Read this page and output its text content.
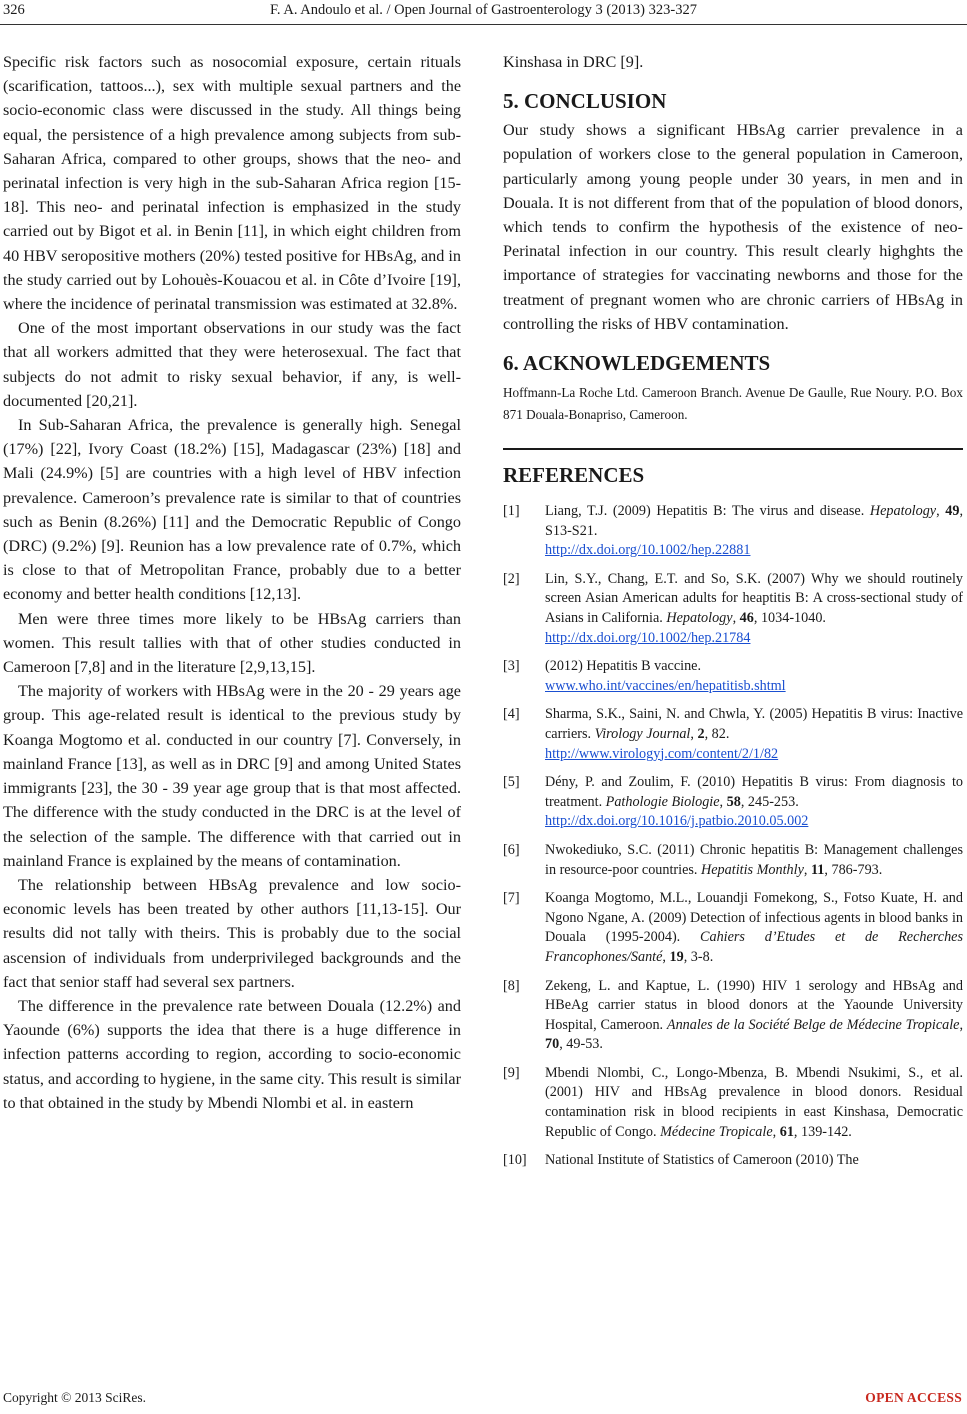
326	F. A. Andoulo et al. / Open Journal of Gastroenterology 3 (2013) 323-327

Specific risk factors such as nosocomial exposure, certain rituals (scarification, tattoos...), sex with multiple sexual partners and the socio-economic class were discussed in the study. All things being equal, the persistence of a high prevalence among subjects from sub-Saharan Africa, compared to other groups, shows that the neo- and perinatal infection is very high in the sub-Saharan Africa region [15-18]. This neo- and perinatal infection is emphasized in the study carried out by Bigot et al. in Benin [11], in which eight children from 40 HBV seropositive mothers (20%) tested positive for HBsAg, and in the study carried out by Lohouès-Kouacou et al. in Côte d’Ivoire [19], where the incidence of perinatal transmission was estimated at 32.8%.

One of the most important observations in our study was the fact that all workers admitted that they were heterosexual. The fact that subjects do not admit to risky sexual behavior, if any, is well-documented [20,21].

In Sub-Saharan Africa, the prevalence is generally high. Senegal (17%) [22], Ivory Coast (18.2%) [15], Madagascar (23%) [18] and Mali (24.9%) [5] are countries with a high level of HBV infection prevalence. Cameroon’s prevalence rate is similar to that of countries such as Benin (8.26%) [11] and the Democratic Republic of Congo (DRC) (9.2%) [9]. Reunion has a low prevalence rate of 0.7%, which is close to that of Metropolitan France, probably due to a better economy and better health conditions [12,13].

Men were three times more likely to be HBsAg carriers than women. This result tallies with that of other studies conducted in Cameroon [7,8] and in the literature [2,9,13,15].

The majority of workers with HBsAg were in the 20 - 29 years age group. This age-related result is identical to the previous study by Koanga Mogtomo et al. conducted in our country [7]. Conversely, in mainland France [13], as well as in DRC [9] and among United States immigrants [23], the 30 - 39 year age group that is that most affected. The difference with the study conducted in the DRC is at the level of the selection of the sample. The difference with that carried out in mainland France is explained by the means of contamination.

The relationship between HBsAg prevalence and low socio-economic levels has been treated by other authors [11,13-15]. Our results did not tally with theirs. This is probably due to the social ascension of individuals from underprivileged backgrounds and the fact that senior staff had several sex partners.

The difference in the prevalence rate between Douala (12.2%) and Yaounde (6%) supports the idea that there is a huge difference in infection patterns according to region, according to socio-economic status, and according to hygiene, in the same city. This result is similar to that obtained in the study by Mbendi Nlombi et al. in eastern

Kinshasa in DRC [9].

5. CONCLUSION

Our study shows a significant HBsAg carrier prevalence in a population of workers close to the general population in Cameroon, particularly among young people under 30 years, in men and in Douala. It is not different from that of the population of blood donors, which tends to confirm the hypothesis of the existence of neo-Perinatal infection in our country. This result clearly highghts the importance of strategies for vaccinating newborns and those for the treatment of pregnant women who are chronic carriers of HBsAg in controlling the risks of HBV contamination.

6. ACKNOWLEDGEMENTS

Hoffmann-La Roche Ltd. Cameroon Branch. Avenue De Gaulle, Rue Noury. P.O. Box 871 Douala-Bonapriso, Cameroon.

REFERENCES
[1] Liang, T.J. (2009) Hepatitis B: The virus and disease. Hepatology, 49, S13-S21.
http://dx.doi.org/10.1002/hep.22881
[2] Lin, S.Y., Chang, E.T. and So, S.K. (2007) Why we should routinely screen Asian American adults for heaptitis B: A cross-sectional study of Asians in California. Hepatology, 46, 1034-1040.
http://dx.doi.org/10.1002/hep.21784
[3] (2012) Hepatitis B vaccine.
www.who.int/vaccines/en/hepatitisb.shtml
[4] Sharma, S.K., Saini, N. and Chwla, Y. (2005) Hepatitis B virus: Inactive carriers. Virology Journal, 2, 82.
http://www.virologyj.com/content/2/1/82
[5] Dény, P. and Zoulim, F. (2010) Hepatitis B virus: From diagnosis to treatment. Pathologie Biologie, 58, 245-253.
http://dx.doi.org/10.1016/j.patbio.2010.05.002
[6] Nwokediuko, S.C. (2011) Chronic hepatitis B: Management challenges in resource-poor countries. Hepatitis Monthly, 11, 786-793.
[7] Koanga Mogtomo, M.L., Louandji Fomekong, S., Fotso Kuate, H. and Ngono Ngane, A. (2009) Detection of infectious agents in blood banks in Douala (1995-2004). Cahiers d’Etudes et de Recherches Francophones/Santé, 19, 3-8.
[8] Zekeng, L. and Kaptue, L. (1990) HIV 1 serology and HBsAg and HBeAg carrier status in blood donors at the Yaounde University Hospital, Cameroon. Annales de la Société Belge de Médecine Tropicale, 70, 49-53.
[9] Mbendi Nlombi, C., Longo-Mbenza, B. Mbendi Nsukimi, S., et al. (2001) HIV and HBsAg prevalence in blood donors. Residual contamination risk in blood recipients in east Kinshasa, Democratic Republic of Congo. Médecine Tropicale, 61, 139-142.
[10] National Institute of Statistics of Cameroon (2010) The
Copyright © 2013 SciRes.	OPEN ACCESS
